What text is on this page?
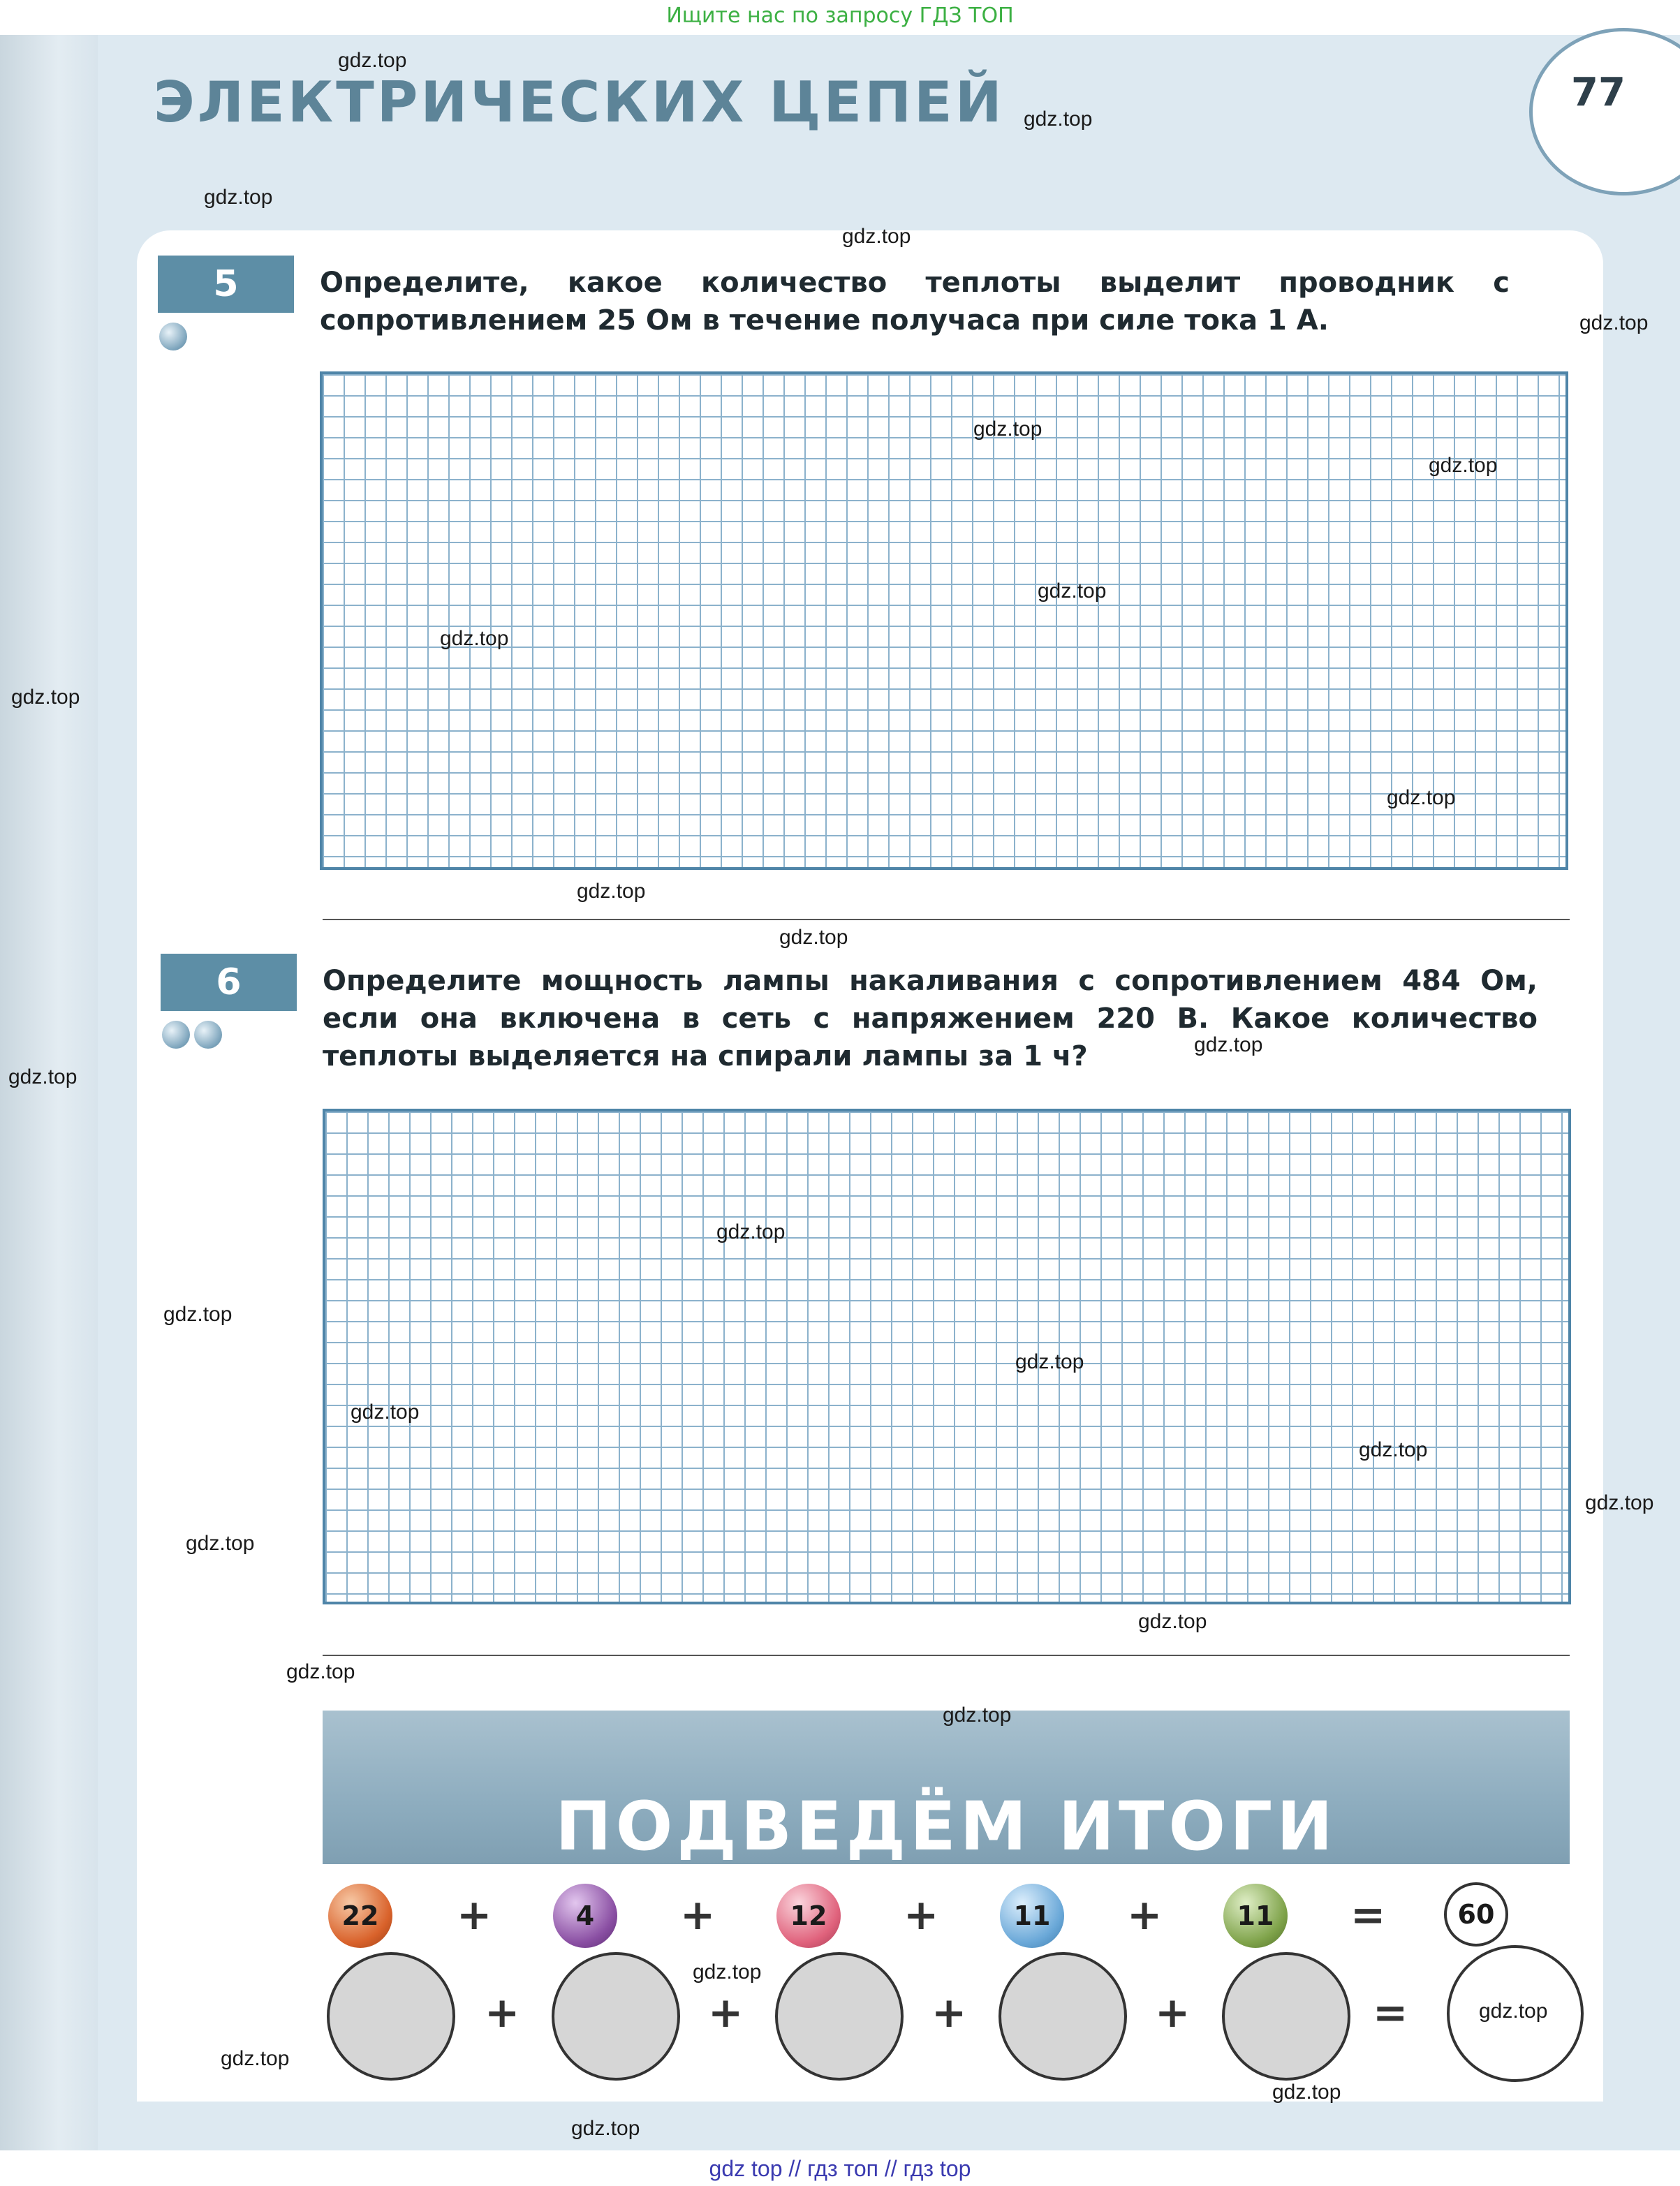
Ищите нас по запросу ГДЗ ТОП
ЭЛЕКТРИЧЕСКИХ ЦЕПЕЙ	77
5	Определите, какое количество теплоты выделит проводник с сопротивлением 25 Ом в течение получаса при силе тока 1 А.
6	Определите мощность лампы накаливания с сопротивлением 484 Ом, если она включена в сеть с напряжением 220 В. Какое количество теплоты выделяется на спирали лампы за 1 ч?
ПОДВЕДЁМ ИТОГИ
22	+	4	+	12	+	11	+	11	=	60
+	+	+	+	=
gdz.top
gdz.top
gdz.top
gdz.top
gdz.top
gdz.top
gdz.top
gdz.top
gdz.top
gdz.top
gdz.top
gdz.top
gdz.top
gdz.top
gdz.top
gdz.top
gdz.top
gdz.top
gdz.top
gdz.top
gdz.top
gdz.top
gdz.top
gdz.top
gdz.top
gdz.top
gdz.top
gdz.top
gdz.top
gdz.top
gdz top // гдз топ // гдз top
